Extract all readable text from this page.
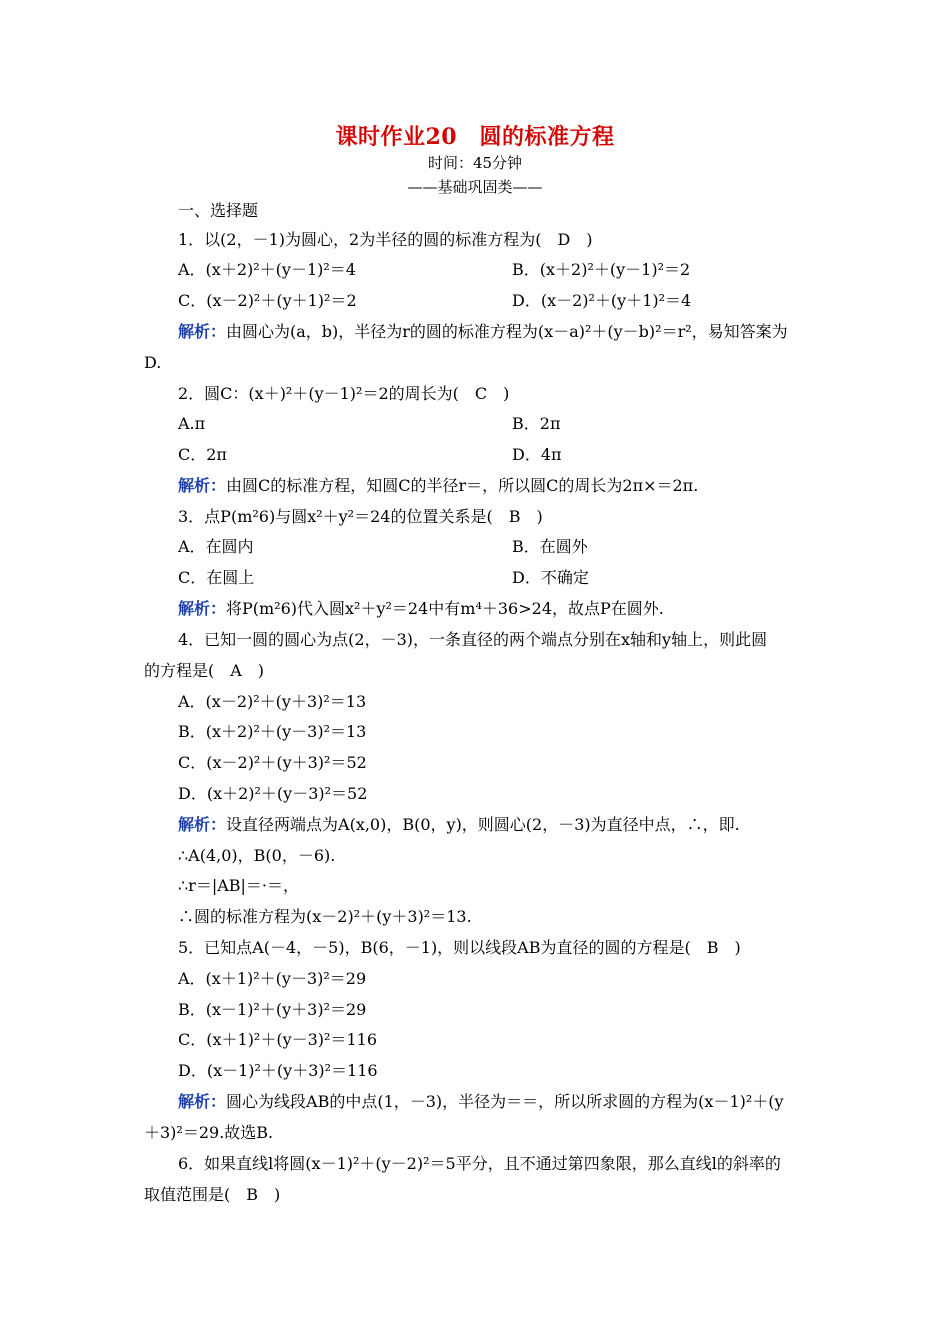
课时作业20　圆的标准方程
时间：45分钟
——基础巩固类——
一、选择题
1．以(2，－1)为圆心，2为半径的圆的标准方程为(　D　)
A．(x＋2)²＋(y－1)²＝4	B．(x＋2)²＋(y－1)²＝2
C．(x－2)²＋(y＋1)²＝2	D．(x－2)²＋(y＋1)²＝4
解析：由圆心为(a，b)，半径为r的圆的标准方程为(x－a)²＋(y－b)²＝r²，易知答案为
D.
2．圆C：(x＋)²＋(y－1)²＝2的周长为(　C　)
A.π	B．2π
C．2π	D．4π
解析：由圆C的标准方程，知圆C的半径r＝，所以圆C的周长为2π×＝2π.
3．点P(m²6)与圆x²＋y²＝24的位置关系是(　B　)
A．在圆内	B．在圆外
C．在圆上	D．不确定
解析：将P(m²6)代入圆x²＋y²＝24中有m⁴＋36>24，故点P在圆外.
4．已知一圆的圆心为点(2，－3)，一条直径的两个端点分别在x轴和y轴上，则此圆
的方程是(　A　)
A．(x－2)²＋(y＋3)²＝13
B．(x＋2)²＋(y－3)²＝13
C．(x－2)²＋(y＋3)²＝52
D．(x＋2)²＋(y－3)²＝52
解析：设直径两端点为A(x,0)，B(0，y)，则圆心(2，－3)为直径中点，∴，即.
∴A(4,0)，B(0，－6).
∴r＝|AB|＝·＝，
∴圆的标准方程为(x－2)²＋(y＋3)²＝13.
5．已知点A(－4，－5)，B(6，－1)，则以线段AB为直径的圆的方程是(　B　)
A．(x＋1)²＋(y－3)²＝29
B．(x－1)²＋(y＋3)²＝29
C．(x＋1)²＋(y－3)²＝116
D．(x－1)²＋(y＋3)²＝116
解析：圆心为线段AB的中点(1，－3)，半径为＝＝，所以所求圆的方程为(x－1)²＋(y
＋3)²＝29.故选B.
6．如果直线l将圆(x－1)²＋(y－2)²＝5平分，且不通过第四象限，那么直线l的斜率的
取值范围是(　B　)
